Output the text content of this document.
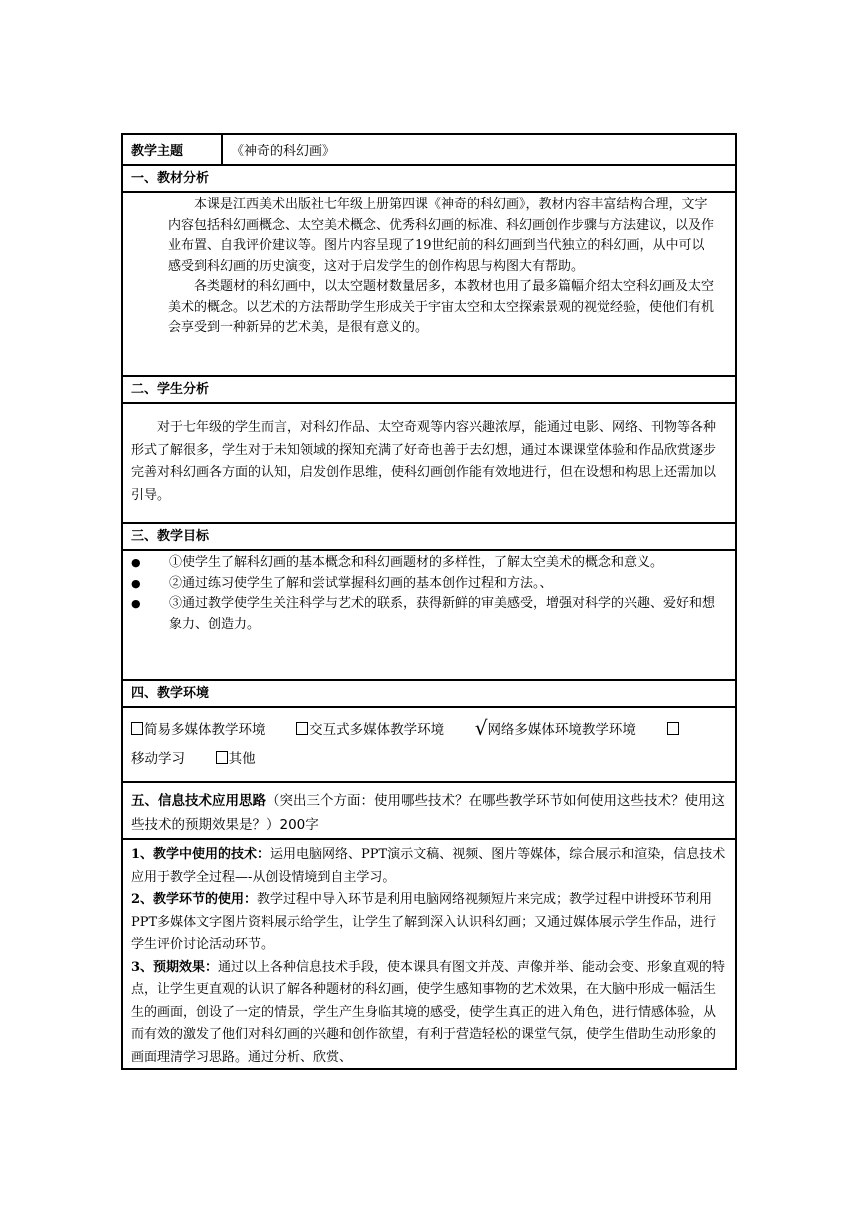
教学主题	《神奇的科幻画》
一、教材分析

本课是江西美术出版社七年级上册第四课《神奇的科幻画》，教材内容丰富结构合理，文字内容包括科幻画概念、太空美术概念、优秀科幻画的标准、科幻画创作步骤与方法建议，以及作业布置、自我评价建议等。图片内容呈现了19世纪前的科幻画到当代独立的科幻画，从中可以感受到科幻画的历史演变，这对于启发学生的创作构思与构图大有帮助。

各类题材的科幻画中，以太空题材数量居多，本教材也用了最多篇幅介绍太空科幻画及太空美术的概念。以艺术的方法帮助学生形成关于宇宙太空和太空探索景观的视觉经验，使他们有机会享受到一种新异的艺术美，是很有意义的。

二、学生分析

对于七年级的学生而言，对科幻作品、太空奇观等内容兴趣浓厚，能通过电影、网络、刊物等各种形式了解很多，学生对于未知领域的探知充满了好奇也善于去幻想，通过本课课堂体验和作品欣赏逐步完善对科幻画各方面的认知，启发创作思维，使科幻画创作能有效地进行，但在设想和构思上还需加以引导。

三、教学目标
●	①使学生了解科幻画的基本概念和科幻画题材的多样性，了解太空美术的概念和意义。
●	②通过练习使学生了解和尝试掌握科幻画的基本创作过程和方法。、
●	③通过教学使学生关注科学与艺术的联系，获得新鲜的审美感受，增强对科学的兴趣、爱好和想象力、创造力。
四、教学环境
简易多媒体教学环境	交互式多媒体教学环境 √网络多媒体环境教学环境
移动学习	其他
五、信息技术应用思路（突出三个方面：使用哪些技术？在哪些教学环节如何使用这些技术？使用这些技术的预期效果是？）200字

1、教学中使用的技术：运用电脑网络、PPT演示文稿、视频、图片等媒体，综合展示和渲染，信息技术应用于教学全过程—-从创设情境到自主学习。

2、教学环节的使用：教学过程中导入环节是利用电脑网络视频短片来完成；教学过程中讲授环节利用PPT多媒体文字图片资料展示给学生，让学生了解到深入认识科幻画；又通过媒体展示学生作品，进行学生评价讨论活动环节。

3、预期效果：通过以上各种信息技术手段，使本课具有图文并茂、声像并举、能动会变、形象直观的特点，让学生更直观的认识了解各种题材的科幻画，使学生感知事物的艺术效果，在大脑中形成一幅活生生的画面，创设了一定的情景，学生产生身临其境的感受，使学生真正的进入角色，进行情感体验，从而有效的激发了他们对科幻画的兴趣和创作欲望，有利于营造轻松的课堂气氛，使学生借助生动形象的画面理清学习思路。通过分析、欣赏、
